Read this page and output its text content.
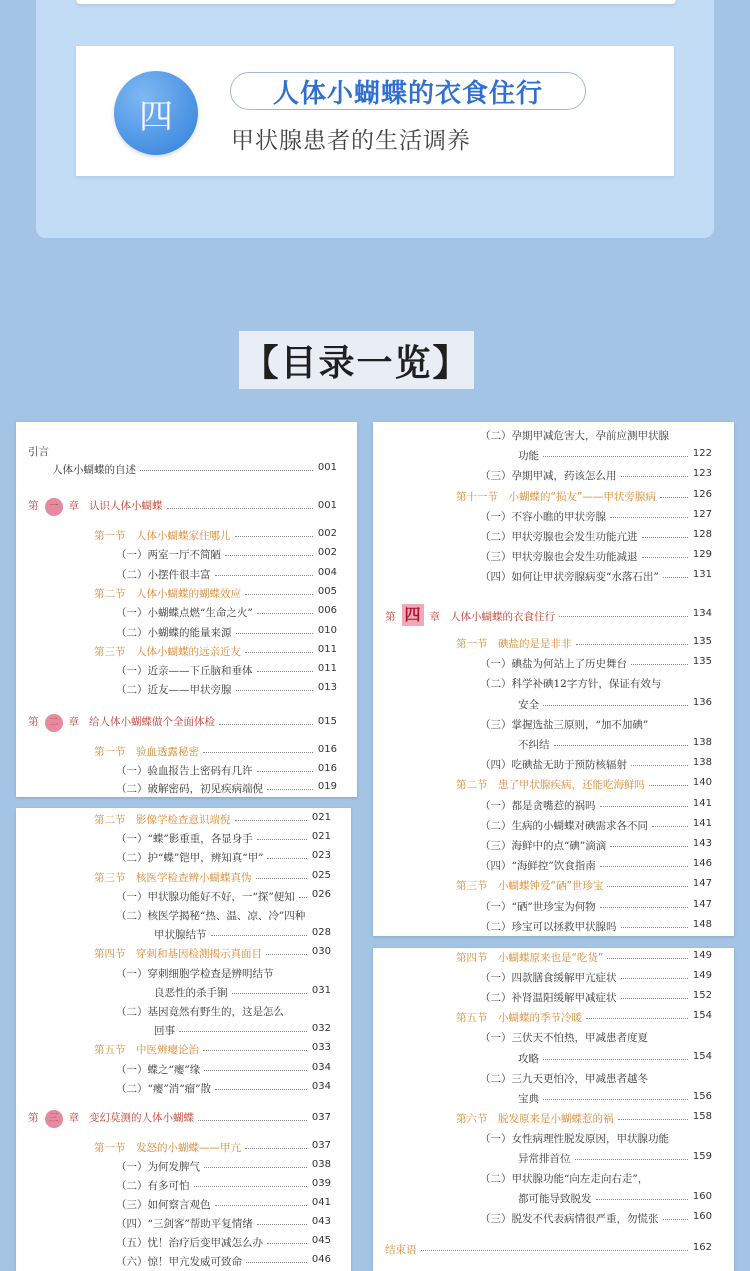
四
人体小蝴蝶的衣食住行
甲状腺患者的生活调养
【目录一览】
引言
人体小蝴蝶的自述	001
第 一 章 认识人体小蝴蝶	001
第一节　人体小蝴蝶家住哪儿	002
（一）两室一厅不简陋	002
（二）小摆件很丰富	004
第二节　人体小蝴蝶的蝴蝶效应	005
（一）小蝴蝶点燃“生命之火”	006
（二）小蝴蝶的能量来源	010
第三节　人体小蝴蝶的远亲近友	011
（一）近亲——下丘脑和垂体	011
（二）近友——甲状旁腺	013
第 二 章 给人体小蝴蝶做个全面体检	015
第一节　验血透露秘密	016
（一）验血报告上密码有几许	016
（二）破解密码，初见疾病端倪	019
第二节　影像学检查意识端倪	021
（一）“蝶”影重重，各显身手	021
（二）护“蝶”铠甲，辨知真“甲”	023
第三节　核医学检查辨小蝴蝶真伪	025
（一）甲状腺功能好不好，一“探”便知 026
（二）核医学揭秘“热、温、凉、冷”四种
甲状腺结节	028
第四节　穿刺和基因检测揭示真面目	030
（一）穿刺细胞学检查是辨明结节
良恶性的杀手锏	031
（二）基因竟然有野生的，这是怎么
回事	032
第五节　中医辨瘿论治	033
（一）蝶之“瘿”缘	034
（二）“瘿”消“瘤”散	034
第 三 章 变幻莫测的人体小蝴蝶	037
第一节　发怒的小蝴蝶——甲亢	037
（一）为何发脾气	038
（二）有多可怕	039
（三）如何察言观色	041
（四）“三剑客”帮助平复情绪	043
（五）忧！治疗后变甲减怎么办	045
（六）惊！甲亢发威可致命	046
（二）孕期甲减危害大，孕前应测甲状腺
功能	122
（三）孕期甲减，药该怎么用	123
第十一节　小蝴蝶的“损友”——甲状旁腺病	126
（一）不容小瞧的甲状旁腺	127
（二）甲状旁腺也会发生功能亢进	128
（三）甲状旁腺也会发生功能减退	129
（四）如何让甲状旁腺病变“水落石出”	131
第 四 章 人体小蝴蝶的衣食住行	134
第一节　碘盐的是是非非	135
（一）碘盐为何站上了历史舞台	135
（二）科学补碘12字方针，保证有效与
安全	136
（三）掌握选盐三原则，“加不加碘”
不纠结	138
（四）吃碘盐无助于预防核辐射	138
第二节　患了甲状腺疾病，还能吃海鲜吗	140
（一）都是贪嘴惹的祸吗	141
（二）生病的小蝴蝶对碘需求各不同	141
（三）海鲜中的点“碘”滴滴	143
（四）“海鲜控”饮食指南	146
第三节　小蝴蝶钟爱“硒”世珍宝	147
（一）“硒”世珍宝为何物	147
（二）珍宝可以拯救甲状腺吗	148
第四节　小蝴蝶原来也是“吃货”	149
（一）四款膳食缓解甲亢症状	149
（二）补肾温阳缓解甲减症状	152
第五节　小蝴蝶的季节冷暖	154
（一）三伏天不怕热，甲减患者度夏
攻略	154
（二）三九天更怕冷，甲减患者越冬
宝典	156
第六节　脱发原来是小蝴蝶惹的祸	158
（一）女性病理性脱发原因，甲状腺功能
异常排首位	159
（二）甲状腺功能“向左走向右走”，
都可能导致脱发	160
（三）脱发不代表病情很严重，勿慌张	160
结束语	162
